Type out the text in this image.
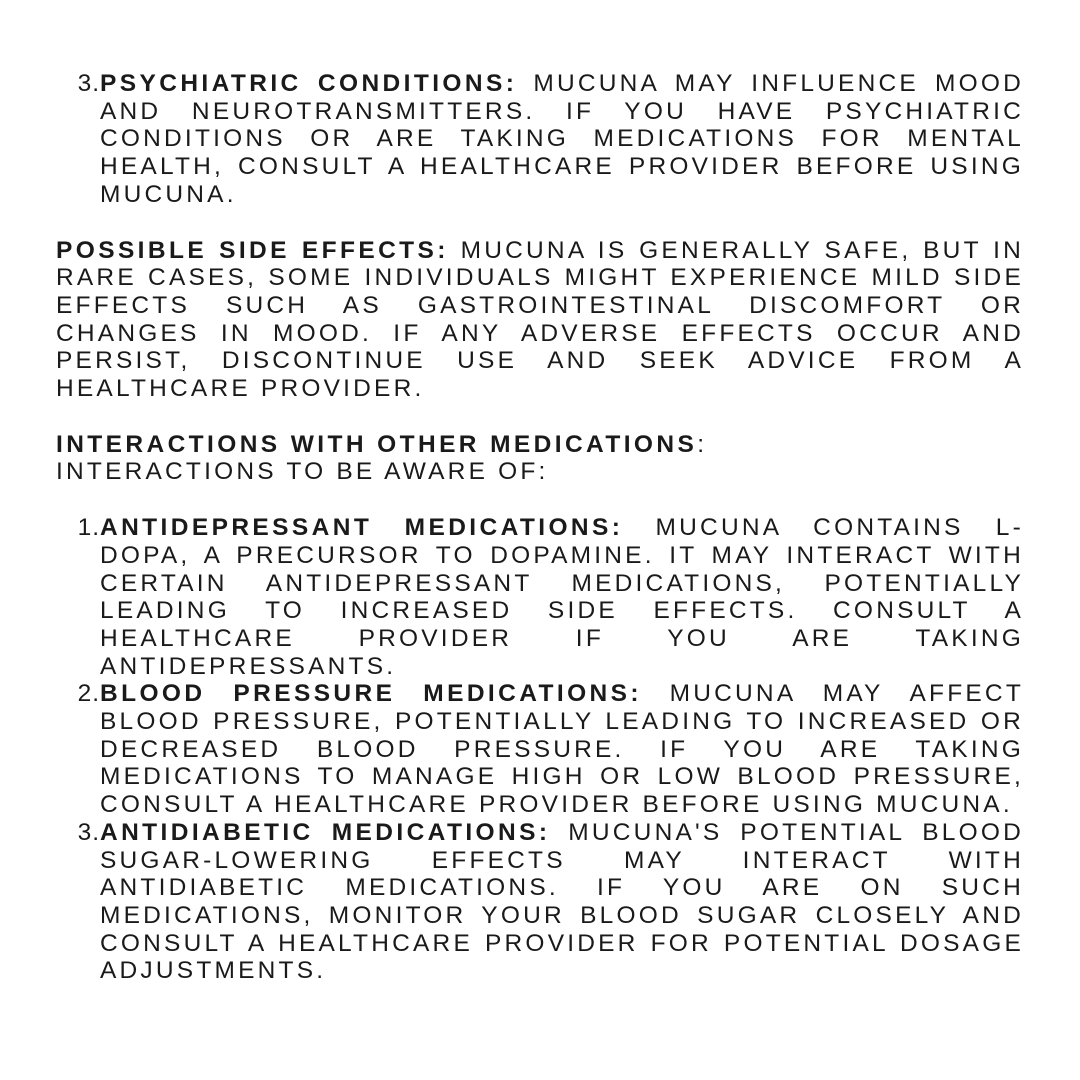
3. PSYCHIATRIC CONDITIONS: MUCUNA MAY INFLUENCE MOOD AND NEUROTRANSMITTERS. IF YOU HAVE PSYCHIATRIC CONDITIONS OR ARE TAKING MEDICATIONS FOR MENTAL HEALTH, CONSULT A HEALTHCARE PROVIDER BEFORE USING MUCUNA.

POSSIBLE SIDE EFFECTS: MUCUNA IS GENERALLY SAFE, BUT IN RARE CASES, SOME INDIVIDUALS MIGHT EXPERIENCE MILD SIDE EFFECTS SUCH AS GASTROINTESTINAL DISCOMFORT OR CHANGES IN MOOD. IF ANY ADVERSE EFFECTS OCCUR AND PERSIST, DISCONTINUE USE AND SEEK ADVICE FROM A HEALTHCARE PROVIDER.

INTERACTIONS WITH OTHER MEDICATIONS:

INTERACTIONS TO BE AWARE OF:

1. ANTIDEPRESSANT MEDICATIONS: MUCUNA CONTAINS L-DOPA, A PRECURSOR TO DOPAMINE. IT MAY INTERACT WITH CERTAIN ANTIDEPRESSANT MEDICATIONS, POTENTIALLY LEADING TO INCREASED SIDE EFFECTS. CONSULT A HEALTHCARE PROVIDER IF YOU ARE TAKING ANTIDEPRESSANTS.
2. BLOOD PRESSURE MEDICATIONS: MUCUNA MAY AFFECT BLOOD PRESSURE, POTENTIALLY LEADING TO INCREASED OR DECREASED BLOOD PRESSURE. IF YOU ARE TAKING MEDICATIONS TO MANAGE HIGH OR LOW BLOOD PRESSURE, CONSULT A HEALTHCARE PROVIDER BEFORE USING MUCUNA.
3. ANTIDIABETIC MEDICATIONS: MUCUNA'S POTENTIAL BLOOD SUGAR-LOWERING EFFECTS MAY INTERACT WITH ANTIDIABETIC MEDICATIONS. IF YOU ARE ON SUCH MEDICATIONS, MONITOR YOUR BLOOD SUGAR CLOSELY AND CONSULT A HEALTHCARE PROVIDER FOR POTENTIAL DOSAGE ADJUSTMENTS.
